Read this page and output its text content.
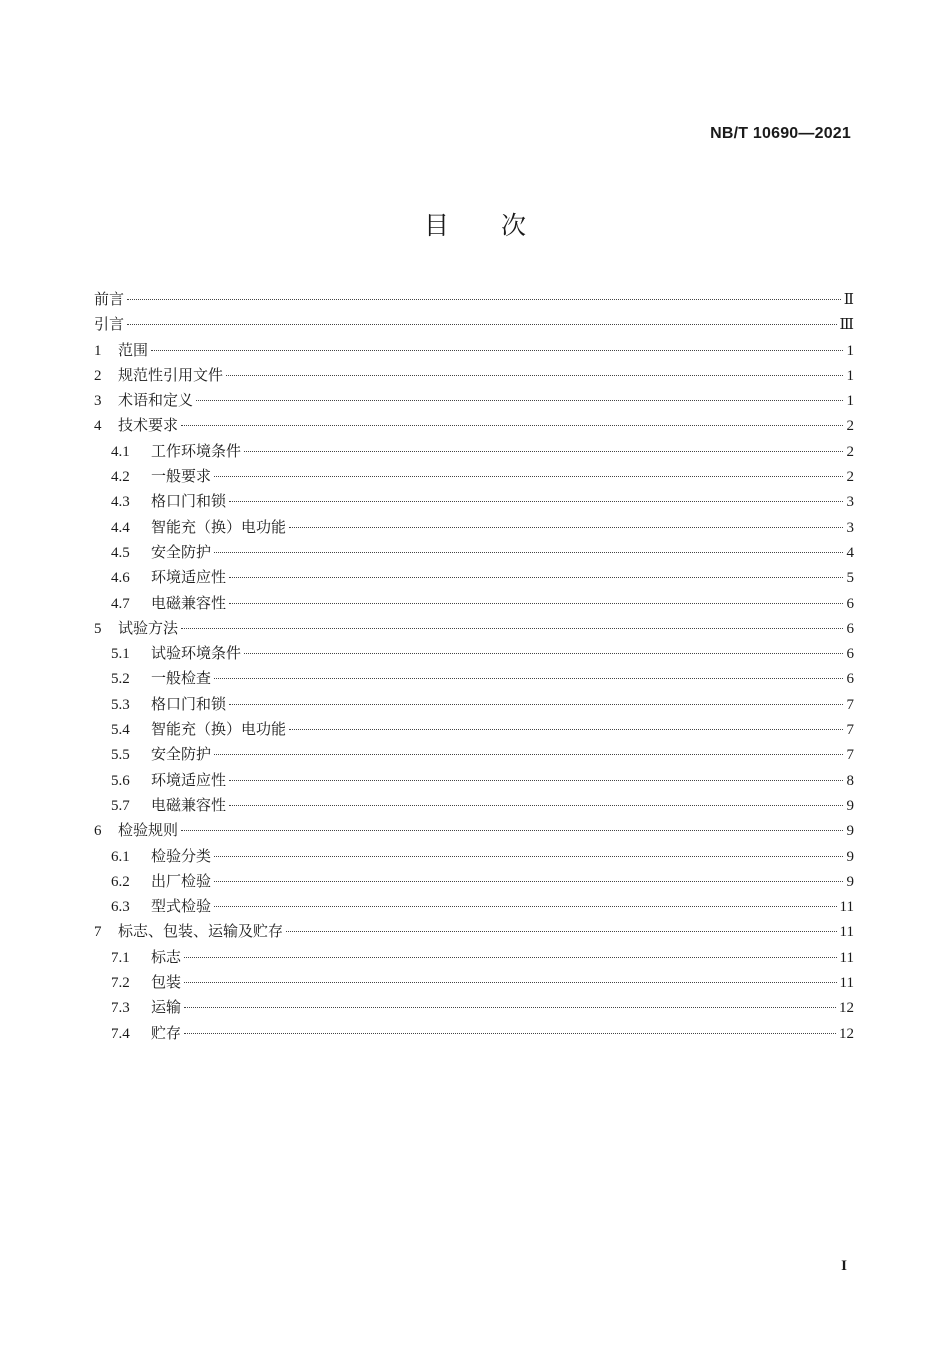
NB/T 10690—2021
目次
前言	Ⅱ
引言	Ⅲ
1	范围	1
2	规范性引用文件	1
3	术语和定义	1
4	技术要求	2
4.1	工作环境条件	2
4.2	一般要求	2
4.3	格口门和锁	3
4.4	智能充（换）电功能	3
4.5	安全防护	4
4.6	环境适应性	5
4.7	电磁兼容性	6
5	试验方法	6
5.1	试验环境条件	6
5.2	一般检查	6
5.3	格口门和锁	7
5.4	智能充（换）电功能	7
5.5	安全防护	7
5.6	环境适应性	8
5.7	电磁兼容性	9
6	检验规则	9
6.1	检验分类	9
6.2	出厂检验	9
6.3	型式检验	11
7	标志、包装、运输及贮存	11
7.1	标志	11
7.2	包装	11
7.3	运输	12
7.4	贮存	12
I
